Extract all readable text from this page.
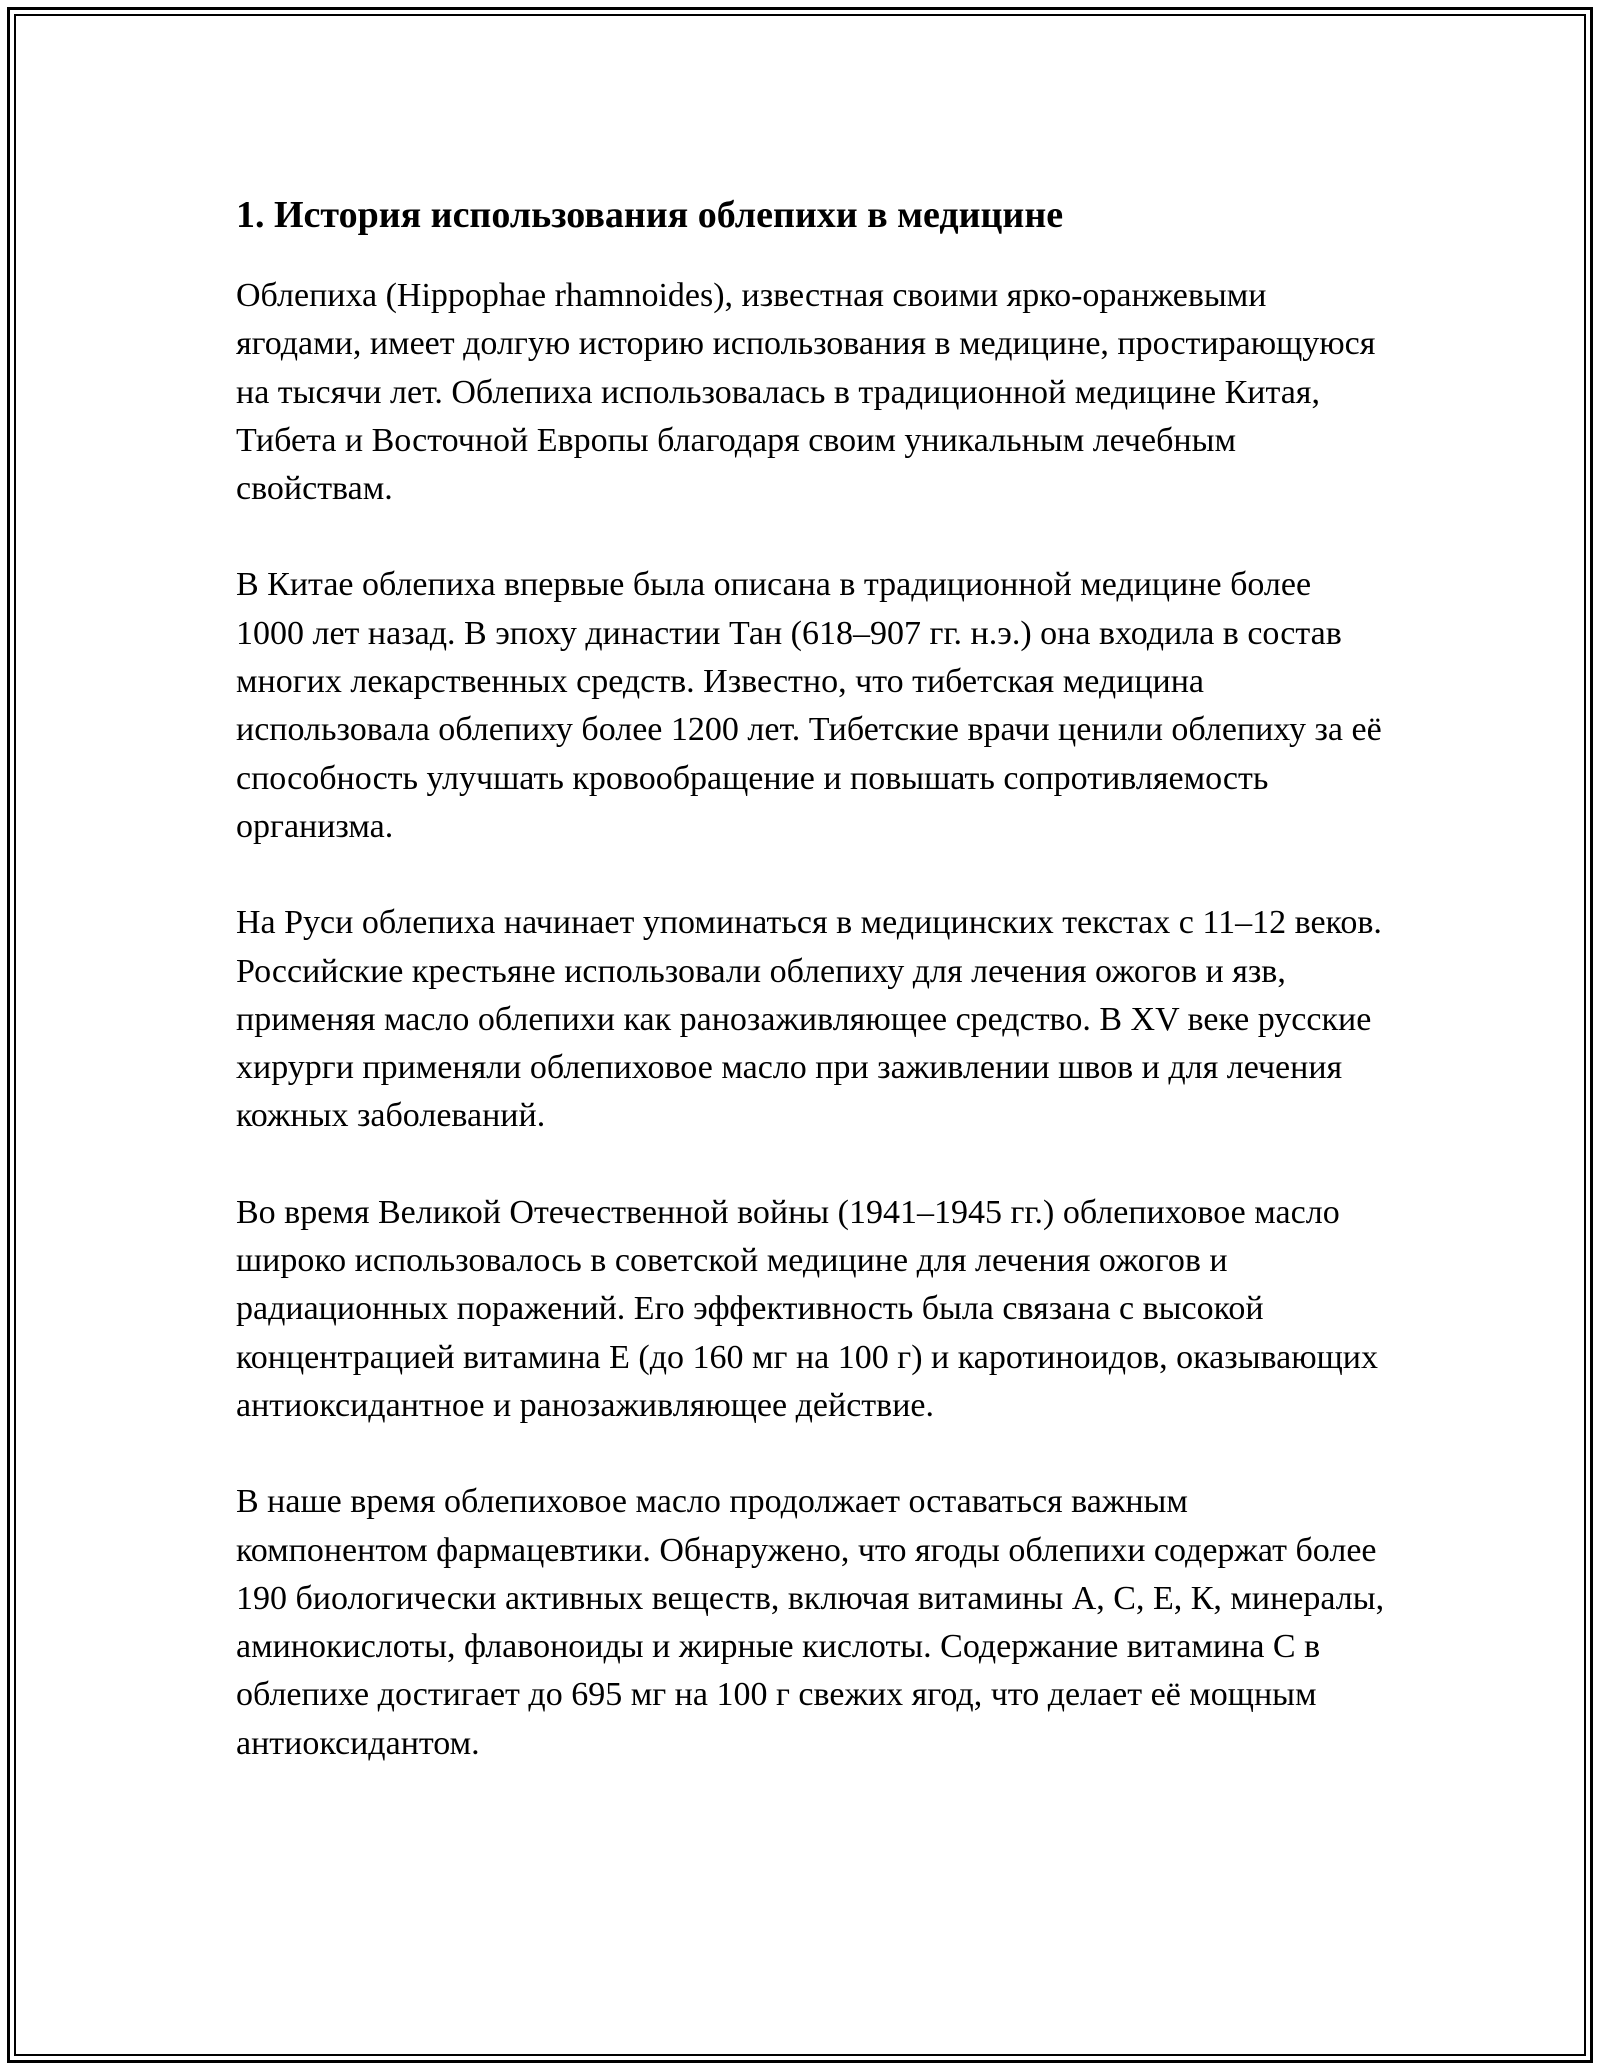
1. История использования облепихи в медицине

Облепиха (Hippophae rhamnoides), известная своими ярко-оранжевыми ягодами, имеет долгую историю использования в медицине, простирающуюся на тысячи лет. Облепиха использовалась в традиционной медицине Китая, Тибета и Восточной Европы благодаря своим уникальным лечебным свойствам.

В Китае облепиха впервые была описана в традиционной медицине более 1000 лет назад. В эпоху династии Тан (618–907 гг. н.э.) она входила в состав многих лекарственных средств. Известно, что тибетская медицина использовала облепиху более 1200 лет. Тибетские врачи ценили облепиху за её способность улучшать кровообращение и повышать сопротивляемость организма.

На Руси облепиха начинает упоминаться в медицинских текстах с 11–12 веков. Российские крестьяне использовали облепиху для лечения ожогов и язв, применяя масло облепихи как ранозаживляющее средство. В XV веке русские хирурги применяли облепиховое масло при заживлении швов и для лечения кожных заболеваний.

Во время Великой Отечественной войны (1941–1945 гг.) облепиховое масло широко использовалось в советской медицине для лечения ожогов и радиационных поражений. Его эффективность была связана с высокой концентрацией витамина Е (до 160 мг на 100 г) и каротиноидов, оказывающих антиоксидантное и ранозаживляющее действие.

В наше время облепиховое масло продолжает оставаться важным компонентом фармацевтики. Обнаружено, что ягоды облепихи содержат более 190 биологически активных веществ, включая витамины А, С, Е, К, минералы, аминокислоты, флавоноиды и жирные кислоты. Содержание витамина С в облепихе достигает до 695 мг на 100 г свежих ягод, что делает её мощным антиоксидантом.
